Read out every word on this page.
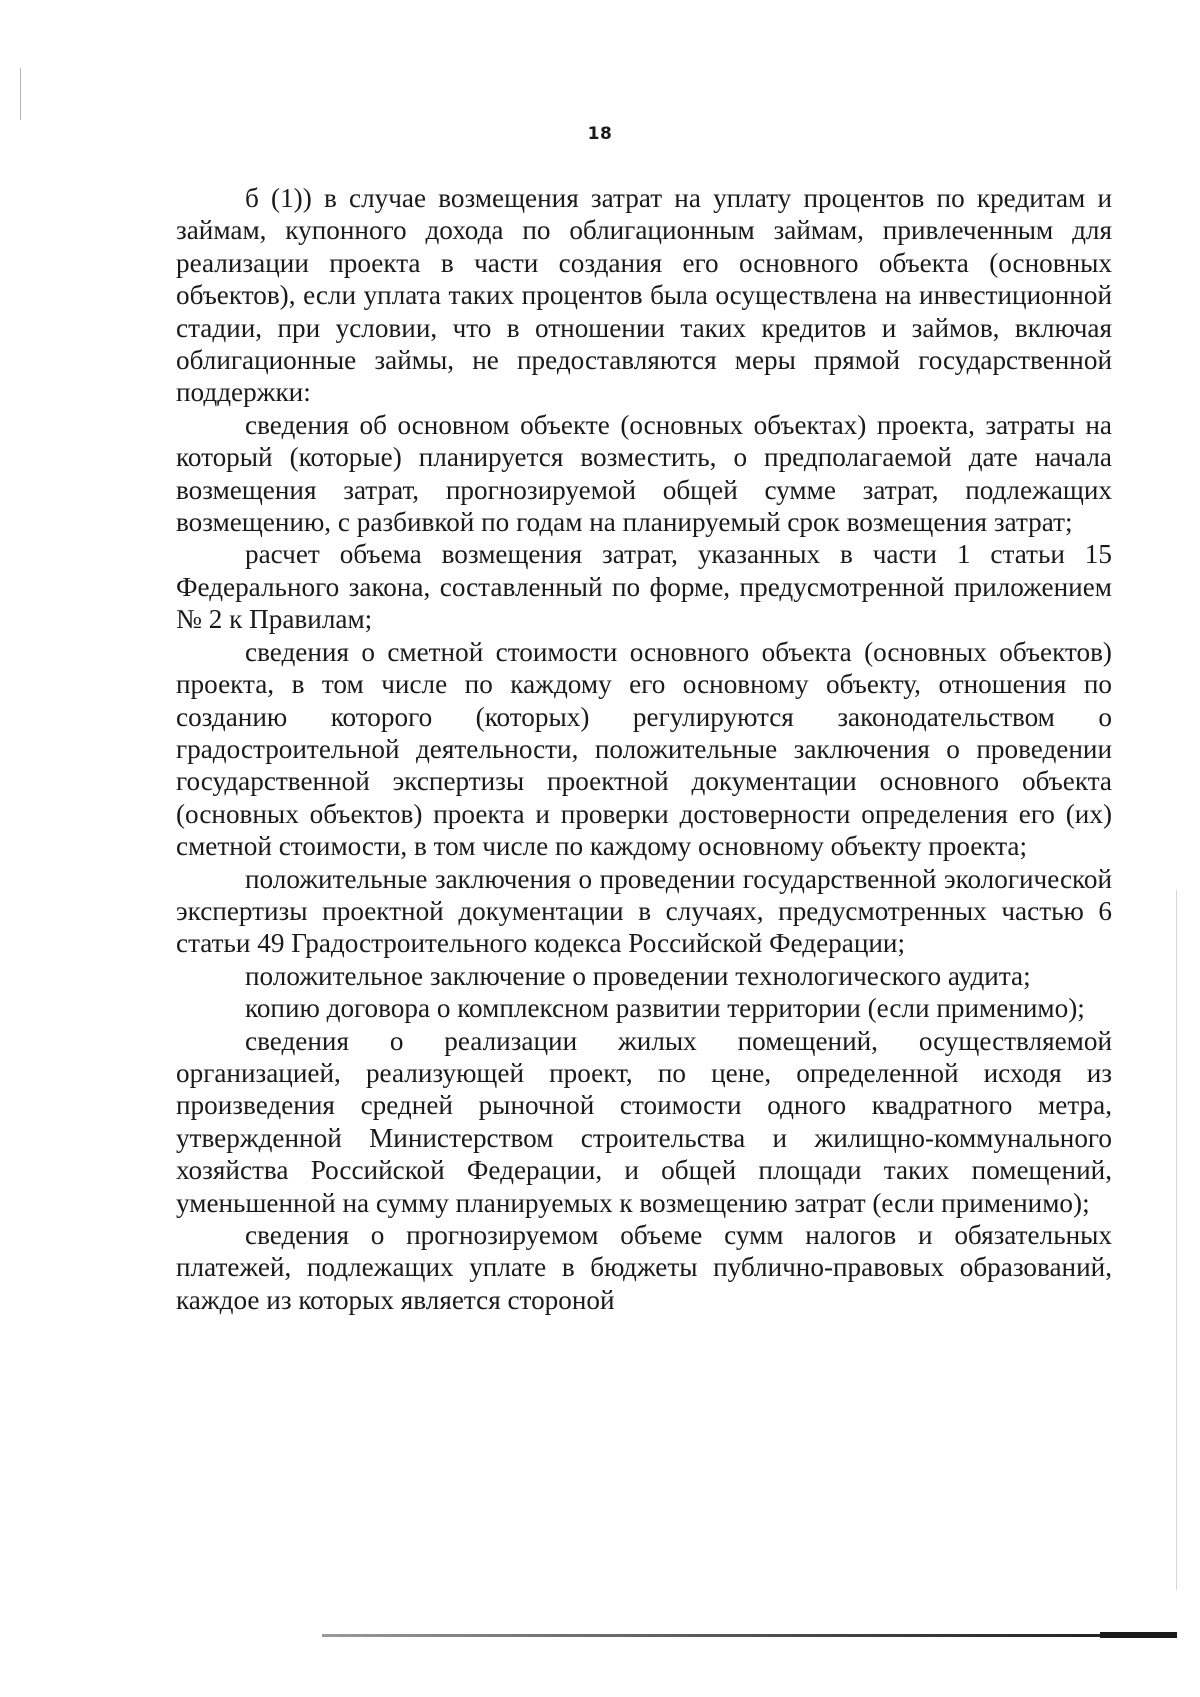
18

б (1)) в случае возмещения затрат на уплату процентов по кредитам и займам, купонного дохода по облигационным займам, привлеченным для реализации проекта в части создания его основного объекта (основных объектов), если уплата таких процентов была осуществлена на инвестиционной стадии, при условии, что в отношении таких кредитов и займов, включая облигационные займы, не предоставляются меры прямой государственной поддержки:

сведения об основном объекте (основных объектах) проекта, затраты на который (которые) планируется возместить, о предполагаемой дате начала возмещения затрат, прогнозируемой общей сумме затрат, подлежащих возмещению, с разбивкой по годам на планируемый срок возмещения затрат;

расчет объема возмещения затрат, указанных в части 1 статьи 15 Федерального закона, составленный по форме, предусмотренной приложением № 2 к Правилам;

сведения о сметной стоимости основного объекта (основных объектов) проекта, в том числе по каждому его основному объекту, отношения по созданию которого (которых) регулируются законодательством о градостроительной деятельности, положительные заключения о проведении государственной экспертизы проектной документации основного объекта (основных объектов) проекта и проверки достоверности определения его (их) сметной стоимости, в том числе по каждому основному объекту проекта;

положительные заключения о проведении государственной экологической экспертизы проектной документации в случаях, предусмотренных частью 6 статьи 49 Градостроительного кодекса Российской Федерации;

положительное заключение о проведении технологического аудита;

копию договора о комплексном развитии территории (если применимо);

сведения о реализации жилых помещений, осуществляемой организацией, реализующей проект, по цене, определенной исходя из произведения средней рыночной стоимости одного квадратного метра, утвержденной Министерством строительства и жилищно-коммунального хозяйства Российской Федерации, и общей площади таких помещений, уменьшенной на сумму планируемых к возмещению затрат (если применимо);

сведения о прогнозируемом объеме сумм налогов и обязательных платежей, подлежащих уплате в бюджеты публично-правовых образований, каждое из которых является стороной
